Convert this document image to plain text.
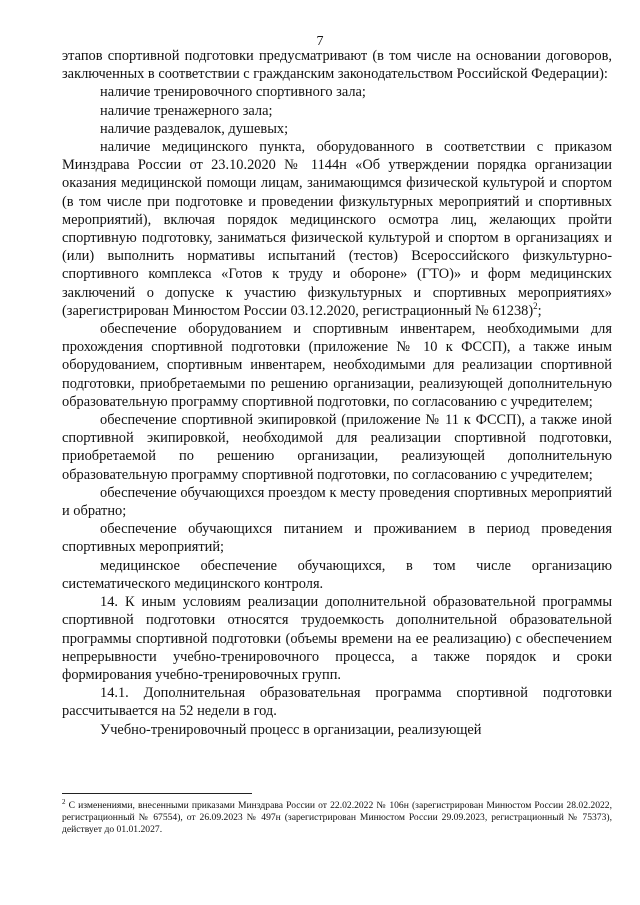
7

этапов спортивной подготовки предусматривают (в том числе на основании договоров, заключенных в соответствии с гражданским законодательством Российской Федерации):

наличие тренировочного спортивного зала;

наличие тренажерного зала;

наличие раздевалок, душевых;

наличие медицинского пункта, оборудованного в соответствии с приказом Минздрава России от 23.10.2020 № 1144н «Об утверждении порядка организации оказания медицинской помощи лицам, занимающимся физической культурой и спортом (в том числе при подготовке и проведении физкультурных мероприятий и спортивных мероприятий), включая порядок медицинского осмотра лиц, желающих пройти спортивную подготовку, заниматься физической культурой и спортом в организациях и (или) выполнить нормативы испытаний (тестов) Всероссийского физкультурно-спортивного комплекса «Готов к труду и обороне» (ГТО)» и форм медицинских заключений о допуске к участию физкультурных и спортивных мероприятиях» (зарегистрирован Минюстом России 03.12.2020, регистрационный № 61238)$^2$;

обеспечение оборудованием и спортивным инвентарем, необходимыми для прохождения спортивной подготовки (приложение № 10 к ФССП), а также иным оборудованием, спортивным инвентарем, необходимыми для реализации спортивной подготовки, приобретаемыми по решению организации, реализующей дополнительную образовательную программу спортивной подготовки, по согласованию с учредителем;

обеспечение спортивной экипировкой (приложение № 11 к ФССП), а также иной спортивной экипировкой, необходимой для реализации спортивной подготовки, приобретаемой по решению организации, реализующей дополнительную образовательную программу спортивной подготовки, по согласованию с учредителем;

обеспечение обучающихся проездом к месту проведения спортивных мероприятий и обратно;

обеспечение обучающихся питанием и проживанием в период проведения спортивных мероприятий;

медицинское обеспечение обучающихся, в том числе организацию систематического медицинского контроля.

14. К иным условиям реализации дополнительной образовательной программы спортивной подготовки относятся трудоемкость дополнительной образовательной программы спортивной подготовки (объемы времени на ее реализацию) с обеспечением непрерывности учебно-тренировочного процесса, а также порядок и сроки формирования учебно-тренировочных групп.

14.1. Дополнительная образовательная программа спортивной подготовки рассчитывается на 52 недели в год.

Учебно-тренировочный процесс в организации, реализующей

$^2$ С изменениями, внесенными приказами Минздрава России от 22.02.2022 № 106н (зарегистрирован Минюстом России 28.02.2022, регистрационный № 67554), от 26.09.2023 № 497н (зарегистрирован Минюстом России 29.09.2023, регистрационный № 75373), действует до 01.01.2027.
